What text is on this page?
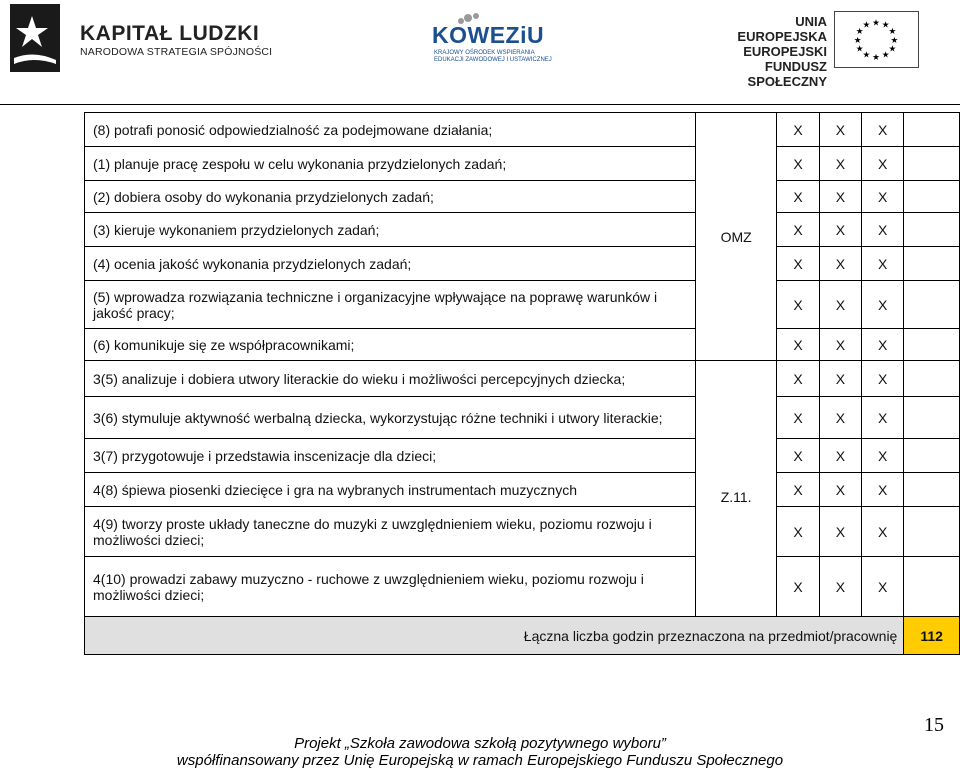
KAPITAŁ LUDZKI
NARODOWA STRATEGIA SPÓJNOŚCI
KOWEZiU
KRAJOWY OŚRODEK WSPIERANIA EDUKACJI ZAWODOWEJ I USTAWICZNEJ
UNIA EUROPEJSKA
EUROPEJSKI
FUNDUSZ SPOŁECZNY
★ ★
★
★
★
★
★
★
★
★
★
★
(8) potrafi ponosić odpowiedzialność za podejmowane działania;	OMZ	X	X	X	
(1) planuje pracę zespołu w celu wykonania przydzielonych zadań;		X	X	X	
(2) dobiera osoby do wykonania przydzielonych zadań;		X	X	X	
(3) kieruje wykonaniem przydzielonych zadań;		X	X	X	
(4) ocenia jakość wykonania przydzielonych zadań;		X	X	X	
(5) wprowadza rozwiązania techniczne i organizacyjne wpływające na poprawę warunków i jakość pracy;		X	X	X	
(6) komunikuje się ze współpracownikami;		X	X	X	
3(5) analizuje i dobiera utwory literackie do wieku i możliwości percepcyjnych dziecka;	Z.11.	X	X	X	
3(6) stymuluje aktywność werbalną dziecka, wykorzystując różne techniki i utwory literackie;		X	X	X	
3(7) przygotowuje i przedstawia inscenizacje dla dzieci;		X	X	X	
4(8) śpiewa piosenki dziecięce i gra na wybranych instrumentach muzycznych		X	X	X	
4(9) tworzy proste układy taneczne do muzyki z uwzględnieniem wieku, poziomu rozwoju i możliwości dzieci;		X	X	X	
4(10) prowadzi zabawy muzyczno - ruchowe z uwzględnieniem wieku, poziomu rozwoju i możliwości dzieci;		X	X	X	
Łączna liczba godzin przeznaczona na przedmiot/pracownię					112
15
Projekt „Szkoła zawodowa szkołą pozytywnego wyboru”
współfinansowany przez Unię Europejską w ramach Europejskiego Funduszu Społecznego
